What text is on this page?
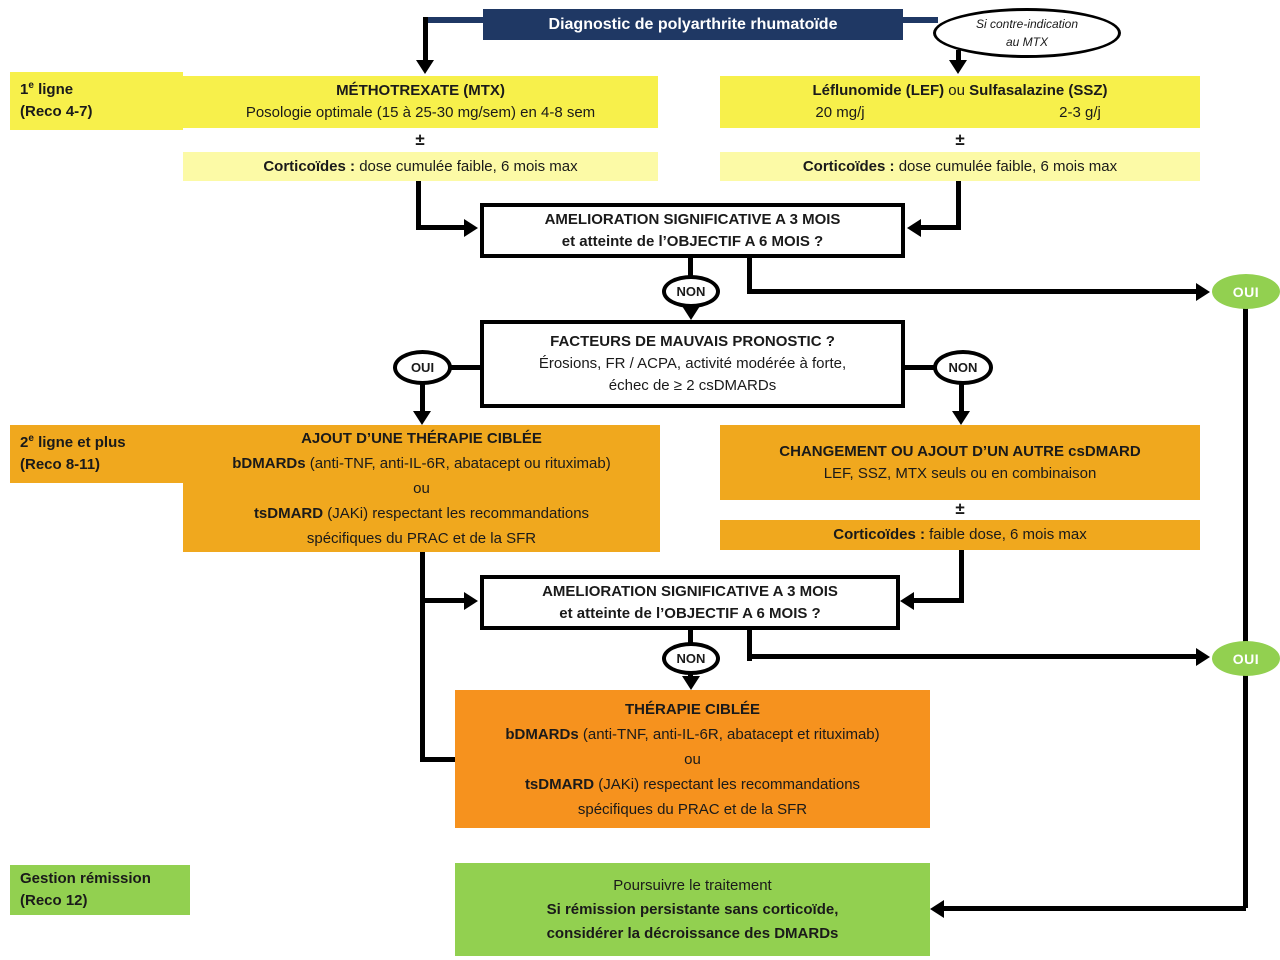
Diagnostic de polyarthrite rhumatoïde	Si contre-indication
au MTX
1e ligne
(Reco 4-7)
2e ligne et plus
(Reco 8-11)
Gestion rémission
(Reco 12)
MÉTHOTREXATE (MTX)
Posologie optimale (15 à 25-30 mg/sem) en 4-8 sem
Léflunomide (LEF) ou Sulfasalazine (SSZ)
20 mg/j	2-3 g/j
±	±
Corticoïdes : dose cumulée faible, 6 mois max	Corticoïdes : dose cumulée faible, 6 mois max
AMELIORATION SIGNIFICATIVE A 3 MOIS
et atteinte de l’OBJECTIF A 6 MOIS ?
NON	OUI
FACTEURS DE MAUVAIS PRONOSTIC ?
Érosions, FR / ACPA, activité modérée à forte,
échec de ≥ 2 csDMARDs
OUI	NON
AJOUT D’UNE THÉRAPIE CIBLÉE
bDMARDs (anti-TNF, anti-IL-6R, abatacept ou rituximab)
ou
tsDMARD (JAKi) respectant les recommandations
spécifiques du PRAC et de la SFR
CHANGEMENT OU AJOUT D’UN AUTRE csDMARD
LEF, SSZ, MTX seuls ou en combinaison
±
Corticoïdes : faible dose, 6 mois max
AMELIORATION SIGNIFICATIVE A 3 MOIS
et atteinte de l’OBJECTIF A 6 MOIS ?
NON	OUI
THÉRAPIE CIBLÉE
bDMARDs (anti-TNF, anti-IL-6R, abatacept et rituximab)
ou
tsDMARD (JAKi) respectant les recommandations
spécifiques du PRAC et de la SFR
Poursuivre le traitement
Si rémission persistante sans corticoïde,
considérer la décroissance des DMARDs
